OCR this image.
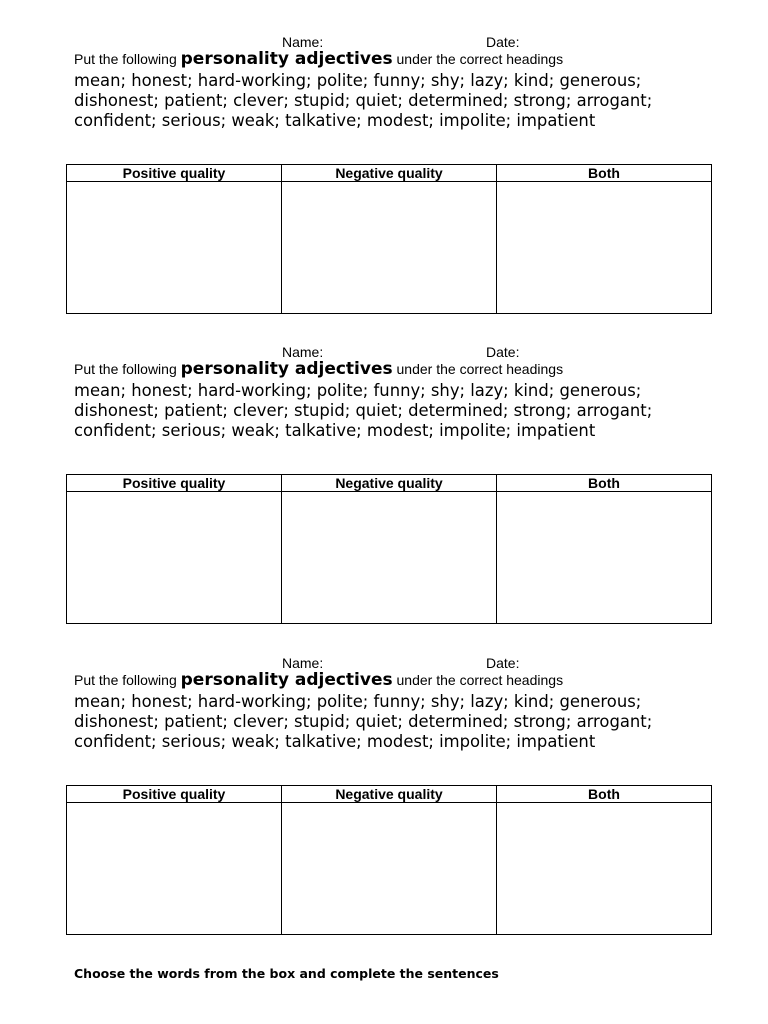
Name:	Date:
Put the following personality adjectives under the correct headings
mean; honest; hard-working; polite; funny; shy; lazy; kind; generous;
dishonest; patient; clever; stupid; quiet; determined; strong; arrogant;
confident; serious; weak; talkative; modest; impolite; impatient
Positive quality	Negative quality	Both

Name:	Date:
Put the following personality adjectives under the correct headings
mean; honest; hard-working; polite; funny; shy; lazy; kind; generous;
dishonest; patient; clever; stupid; quiet; determined; strong; arrogant;
confident; serious; weak; talkative; modest; impolite; impatient
Positive quality	Negative quality	Both

Name:	Date:
Put the following personality adjectives under the correct headings
mean; honest; hard-working; polite; funny; shy; lazy; kind; generous;
dishonest; patient; clever; stupid; quiet; determined; strong; arrogant;
confident; serious; weak; talkative; modest; impolite; impatient
Positive quality	Negative quality	Both

Choose the words from the box and complete the sentences
